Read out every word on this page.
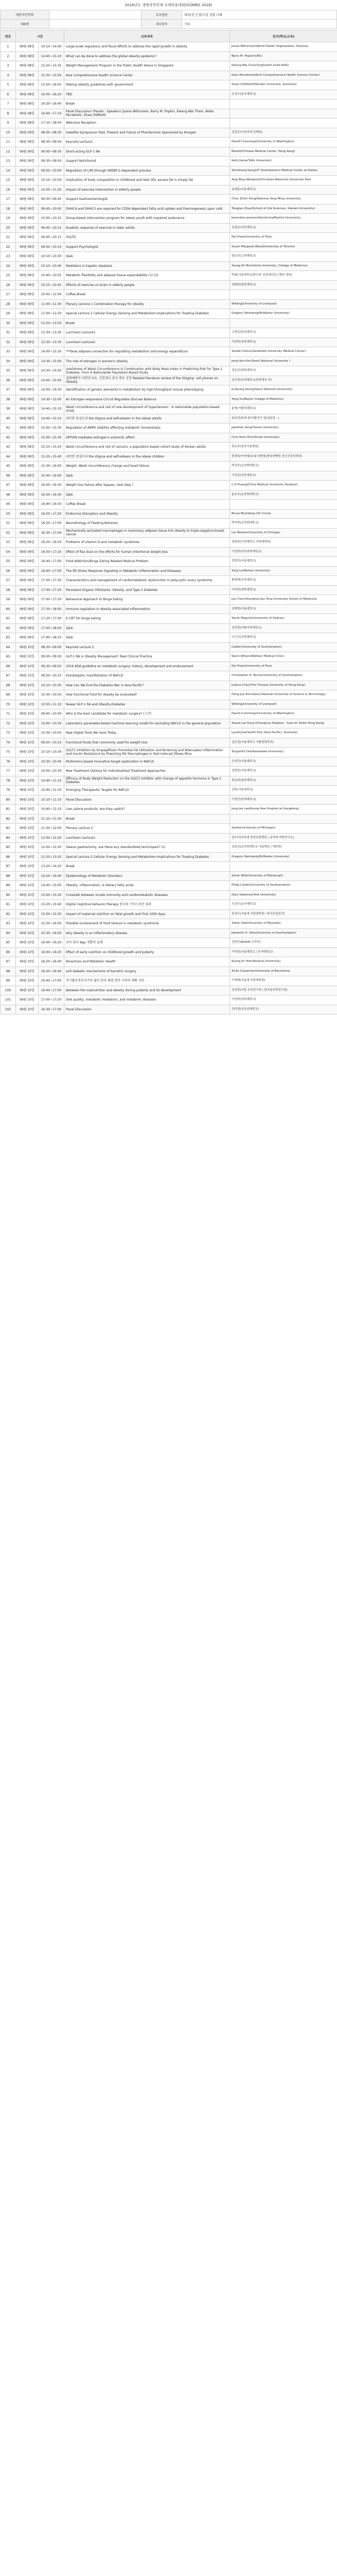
2016년도 생명과학연계 국제학술대회(ICOMES 2016)
대한비만학회		교육담당	대리/정 은정(도일 김할 나해
799명		세부항목	기타
번호	시간		교육과목	강사(학교/소속)
1	09월 08일	14:10~14:40	Large-scale regulatory and fiscal efforts to address the rapid growth in obesity	Joane Willumsen(World Health Organization, Geneva)
2	09월 08일	14:40~15:10	What can be done to address the global obesity epidemic?	Barry M. Popkin(UNC)
3	09월 08일	15:20~15:35	Weight Management Program in the Public Health Arena in Singapore	Kwang-Wai Chan(Singhealth Duke-NUS)
4	09월 08일	15:35~15:50	Asia Comprehensive Health Science Center	Kazu Murakoshi(Aichi Comprehensive Health Science Center)
5	09월 08일	15:50~16:05	Making obesity guidelines with government	Shaw (Sidfield)(Monash University, Australia)
6	09월 08일	16:05~16:20	TBD	오상우(동국대학교)
7	09월 08일	16:20~16:40	Break	
8	09월 08일	16:40~17:10	Panel Discussion (Panels - Speakers (Joane Willumsen, Barry M. Popkin, Kwang-Wai Tham, Akiko Murakoshi, Shaw Oldfield)	
9	09월 08일	17:10~18:00	Welcome Reception	
10	09월 09일	08:00~08:30	Satellite Symposium Past, Present and Future of Phentermine Sponsored by Alvogen	김경곤(가천의대 길병원)
11	09월 09일	08:30~09:00	Keynote Lecture1	David Cummings(University of Washington)
12	09월 09일	09:00~09:30	Short-acting GLP-1 RA	Mankit(Chinese Medical Center, Hong Kong)
13	09월 09일	09:30~09:50	Support Nutritionist	Kelly Kaine(Tufts University)
14	09월 09일	09:50~10:00	Regulation of LXR through SREBP-2-dependent process	Shinsheng Kang(UT Southwestern Medical Center at Dallas)
15	09월 09일	10:10~10:50	Implication of body composition in childhood and later life: excess fat is simply fat	Anja Bosy-Westphal(Christian-Albrechts-University Kiel)
16	09월 09일	10:50~11:20	Impact of exercise intervention in elderly people	송재훈(서울대학교)
17	09월 09일	09:30~09:45	Support Gastroenterologist	Chen Zhilin Feng(National Yang-Ming University)
18	09월 09일	09:45~10:00	DHHC4 and DHHC5 are required for CD36 dependent fatty acid uptake and thermogenesis upon cold	Tongjian Zhao(School of Life Sciences, Xiamen University)
19	09월 09일	10:00~10:15	Group-based intervention program for obese youth with impaired endurance	Jeannette Jansson(Karolinska/Madrid University)
20	09월 09일	09:45~10:15	Anabolic response of exercise in older adults	김영준(국민대학교)
21	09월 09일	09:45~10:15	SOLTD	Del Prete(University of Pisa)
22	09월 09일	09:50~10:10	Support Psychologist	Susan Margaret Wood(University of Toronto)
23	09월 09일	10:10~10:30	Q&A	한은선(고려대학교)
24	09월 09일	10:10~10:40	Mediators in hepatic steatosis	Young-Ah Moon(Inha University, College of Medicine)
25	09월 09일	10:40~10:55	Metabolic flexibility and adipose tissue expandability (1) (2)	박철(서울대학교/한국과 강남세브란스병원 내과)
26	09월 09일	10:15~10:45	Effects of exercise on brain in elderly people	김태희(한양대학교)
27	09월 09일	10:45~11:00	Coffee Break	
28	09월 09일	11:00~11:30	Plenary Lecture 1 Combination therapy for obesity	Wilding(University of Liverpool)
29	09월 09일	11:00~12:20	Special Lecture 2 Cellular Energy Sensing and Metabolism-Implications for Treating Diabetes	Gregory Steinberg(McMaster University)
30	09월 09일	12:20~13:50	Break	
31	09월 09일	12:30~13:30	Luncheon Lecture1	고현주(한성대학교)
32	09월 09일	12:30~13:30	Luncheon Lecture2	이남명(전북대학교)
33	09월 09일	14:00~15:30	***beat adipose connection for regulating metabolism and energy expenditure	Shedd Collins(Vanderbilt University Medical Center)
34	09월 09일	14:30~15:00	The role of estrogen in women's obesity	Jong Hoe Kim(Seoul National University )
35	09월 09일	14:30~14:45	Usefulness of Waist Circumference in Combination with Body Mass Index in Predicting Risk for Type 2 Diabetes: From A Nationwide Population-Based Study	김유진(한림대학교)
36	09월 09일	14:45~15:00	질병예방식 다변진 O조, 인한경다 중신 변동 감정 Related literature review of the Staging: cell phones on Obesity	김신명(연세대학교/한양대의 중)
37	09월 09일	14:00~14:30	Identification of genetic elements in metabolism by high-throughput mouse phenotyping	Je Kyung Seong(Seoul National University)
38	09월 09일	14:30~15:00	An Estrogen-responsive Circuit Regulates Glucose Balance	Yong Xu(Baylor College of Medicine)
39	09월 09일	14:40~15:10	Waist circumference and risk of new development of hypertension : A nationwide population-based study	윤영(가톨릭대학교)
40	09월 09일	14:40~15:10	과민한 중심도의 the stigma and self-esteem in the obese adults	송주연(연세 중/이화연구 원/성균관...)
41	09월 09일	15:00~15:30	Regulation of AMPK stability affecting metabolic homeostasis	Jaewhan Song(Yonsei University)
42	09월 09일	15:00~15:30	DPP2IN mediates estrogen's anorectic effect	Choi Hoon Kim(Yonsei University)
43	09월 09일	15:10~15:25	Waist circumference and risk of cancers: a population-based cohort study of Korean adults	한은주(삼성서울병원)
44	09월 09일	15:25~15:40	과민한 중심도의 the stigma and self-esteem in the obese children	한경희/이연태/송내/ 대면위/충남대병원 정신건강의학과)
45	09월 09일	15:30~16:00	Weight, Waist circumference change and heart failure	박상욱(순천향대학교)
46	09월 09일	15:40~16:00	Q&A	이진종(인하대학교)
47	09월 09일	16:00~16:30	Weight loss failure after bypass, next step ?	C.H Huang(China Medical University Hospital)
48	09월 09일	16:30~16:40	Q&A	윤동욱(순천향대학교)
49	09월 09일	16:40~16:50	Coffee Break	
50	09월 09일	16:50~17:20	Endocrine Disruptors and Obesity	Bruce Blumberg (UC Irvine)
51	09월 09일	16:20~17:00	Neurobiology of Feeding Behavior	박지현(순천향대학교)
52	09월 09일	16:30~17:00	Mechanically activated macrophages in mammary adipose tissue link obesity to triple-negative breast cancer	Lev Becker(University of Chicago)
53	09월 09일	16:20~16:50	Problems of vitamin D and metabolic syndrome	권영남(가천대학교 의학대학원)
54	09월 09일	16:50~17:20	Effect of flax dust on the efforts for human intentional weight loss	이진희(차의과학대학교)
55	09월 09일	16:40~17:00	Food Addiction/Binge Eating Related Medical Problem	정영진(서울대학교)
56	09월 09일	16:40~17:00	The ER Stress Response Signaling in Metabolic Inflammation and Diseases	Yong Lu(Wuhan University)
57	09월 09일	17:00~17:30	Characteristics and management of cardiometabolic dysfunction in polycystic ovary syndrome	황영태(인하대학교)
58	09월 09일	17:00~17:20	Persistent Organic Pollutants: Obesity, and Type 2 Diabetes	이덕희(경북대학교)
59	09월 09일	17:00~17:20	Behavioral Approach to Binge Eating	Jue Chen(Shanghai Jiao Tong University School of Medicine)
60	09월 09일	17:30~18:00	Immune regulation in obesity-associated inflammation	김재범(서울대학교)
61	09월 09일	17:20~17:40	E-CBT for binge eating	Sarah Maguire(University of Sydney)
62	09월 09일	17:40~18:00	Q&A	김민영(이화여자대학교)
63	09월 09일	17:40~18:10	Q&A	이근선(건양대학교)
64	09월 10일	08:30~09:00	Keynote Lecture 2	Calder(University of Southampton)
65	09월 10일	09:00~09:30	GLP-1 RA in Obesity Management: Real Clinical Practice	Navin Wilson(Wolfson Medical Clinic)
66	09월 10일	09:30~09:50	2016 ADA guideline on metabolic surgery: history, development and endorsement	Del Prato(University of Pisa)
67	09월 10일	09:50~10:10	Extrahepatic manifestation of NAFLD	Christopher D. Byrne(University of Southampton)
68	09월 10일	10:10~10:30	How Can We End the Diabetes War in Asia-Pacific?	Juliana Chan(The Chinese University of Hong Kong)
69	09월 10일	10:30~10:50	How functional food for obesity be evaluated?	Hong-Jun Kim(Seoul National University of Science & Technology)
70	09월 10일	10:50~11:10	Newer GLP-1 RA and Obesity-Diabetes	Wilding(University of Liverpool)
71	09월 10일	09:40~10:00	Who is the best candidate for metabolic surgery? (그간)	David Cummings(University of Washington)
72	09월 10일	10:00~10:30	Laboratory parameter-based machine learning model for excluding NAFLD in the general population	Shaoe-Lai Hung (Changhua Hospital - Yuan-lin Hsieh Hong Kong)
73	09월 10일	10:30~10:50	New Digital Tools We have Today	Lyudmyla(Health Plus (Asia Pacific), Australia)
74	09월 10일	09:50~10:10	Functional foods that commonly used for weight loss	김은정(서울대학교 식품영양학과)
75	09월 10일	10:10~10:30	SGLT2 inhibition by Empagliflozin Promotes Fat Utilization and Browning and Attenuates Inflammation and Insulin Resistance by Polarizing M2 Macrophages in Diet-induced Obese Mice	Tsuguhito Ota(Kanazawa University)
76	09월 10일	10:30~10:40	Multiomics-based innovative target exploration in NAFLD	조연진(서울대학교)
77	09월 10일	10:00~10:30	New Treatment Options for Individualized Treatment Approaches	김영남(서울대학교)
78	09월 10일	10:40~11:10	Efficacy of Body Weight Reduction on the SGLT2 Inhibitor with change of appetite hormone in Type 2 Diabetes	류동현(경희대학교)
79	09월 10일	10:40~11:10	Emerging Therapeutic Targets for NAFLD	김원(서울대학교)
80	09월 10일	10:10~11:10	Panel Discussion	이정민(연세대학교)
81	09월 10일	10:40~11:10	Low calorie products. Are they useful?	Jong Joo Lee(Kyung Hee Hospital at Gangdong)
82	09월 10일	11:10~11:30	Break	
83	09월 10일	11:30~12:00	Plenary Lecture 2	Seeley(University of Michigan)
84	09월 10일	12:00~12:20	Luncheon Lecture1	김수녀(부산대 중앙보훈병원 / 동아대 의학연구소)
85	09월 10일	12:00~12:20	Sleeve gastrectomy, are there any standardized techniques? (1)	김용진(순천향대학교 서울병원 / 대학원)
86	09월 10일	12:20~13:20	Special Lecture 2 Cellular Energy Sensing and Metabolism-Implications for Treating Diabetes	Gregory Steinberg(McMaster University)
87	09월 10일	13:20~14:20	Break	
88	09월 10일	14:20~14:40	Epidemiology of Metabolic Disorders	Sarah Wild(University of Edinburgh)
89	09월 10일	14:40~15:00	Obesity, inflammation, & dietary fatty acids	Philip Calder(University of Southampton)
90	09월 10일	15:00~15:20	Crosstalk between innate immunity and cardiometabolic diseases	Gary Sweeney(York University)
91	09월 10일	15:20~15:40	Digital cognitive behavior therapy 한국의 가이드라인 결과	오상우(동국대학교)
92	09월 10일	15:00~15:30	Impact of maternal nutrition on fetal growth and First 1000 days	문건수(서울대 의과대학원 / 한국산업보건)
93	09월 10일	15:30~16:00	Possible involvement of food texture in metabolic syndrome	Yukari Oda(University of Miyazaki)
94	09월 10일	15:30~16:00	why obesity is an inflammatory disease	Jaeworth H. Seto(University of Southampton)
95	09월 10일	16:00~16:20	보다 한다 App 개발의 실제	김영민(NOOM 코리아)
96	09월 10일	16:00~16:20	Effect of early nutrition on childhood growth and puberty	이지원(서울대학교 / 공가대학교)
97	09월 10일	16:20~16:40	Bioactives and Metabolic Health	Kyung Jin Yoon(Konkuk University)
98	09월 10일	16:20~16:40	anti-diabetic mechanisms of bariatric surgery	Anita Carpenter(University of Barcelona)
99	09월 10일	16:40~17:00	전기활동정보자가의 불안 관리 해결 방안 나의의 제품 지원	이세태(서울대 의과대학원)
100	09월 10일	16:40~17:00	Between the malnutrition and obesity during puberty and its development	김진한(국립 보건연구원 / 한국원자력연구원)
101	09월 10일	17:00~17:20	Diet quality, metabolic mediators, and metabolic diseases	이정희(경희대학교)
102	09월 10일	16:30~17:00	Panel Discussion	김미영(성균관대학교)
